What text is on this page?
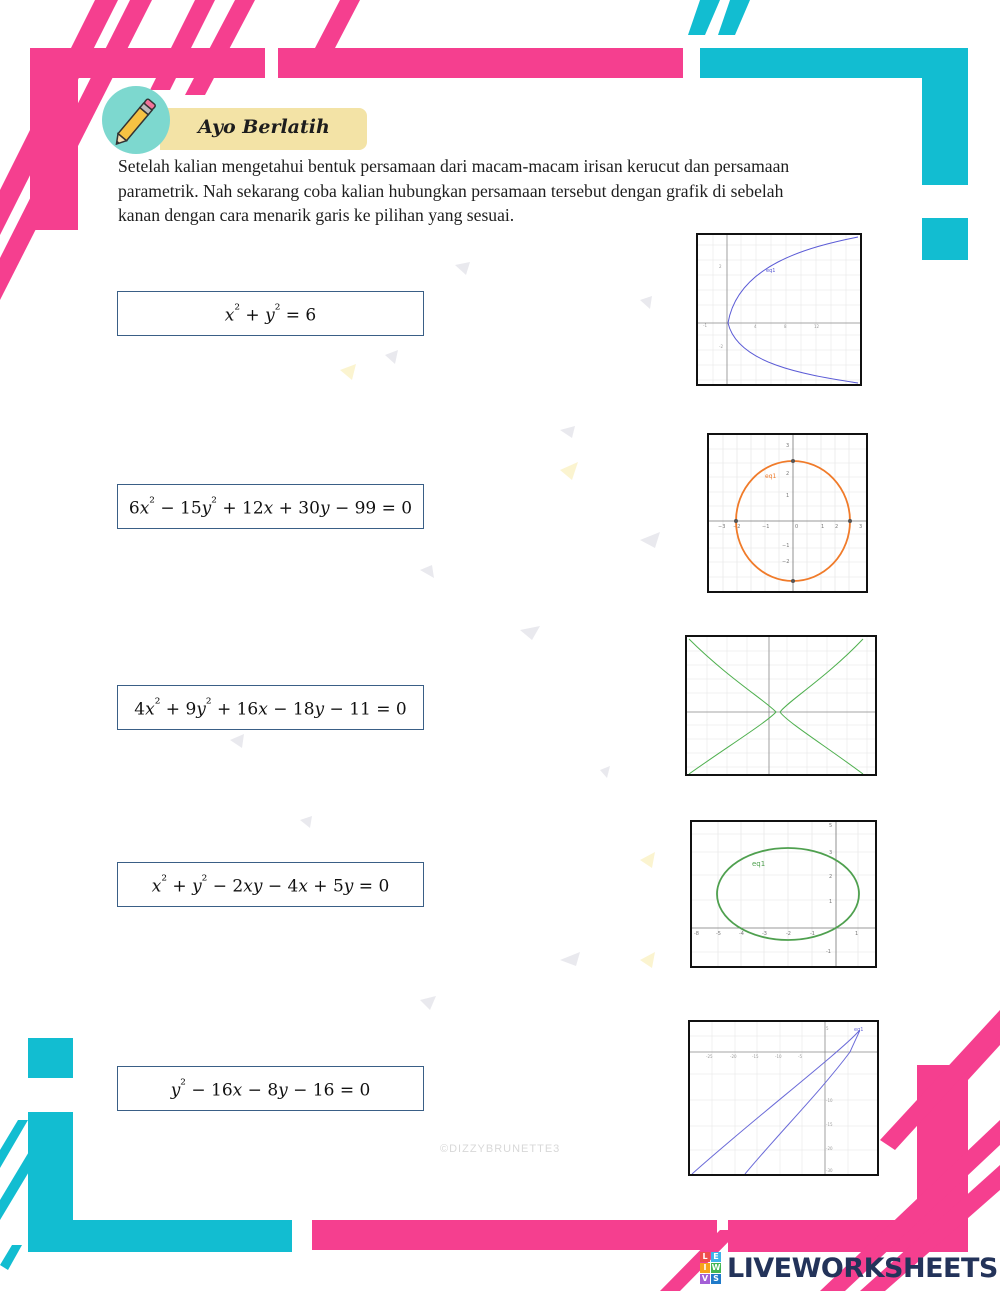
Ayo Berlatih

Setelah kalian mengetahui bentuk persamaan dari macam-macam irisan kerucut dan persamaan

parametrik. Nah sekarang coba kalian hubungkan persamaan tersebut dengan grafik di sebelah

kanan dengan cara menarik garis ke pilihan yang sesuai.

$x^{^2} + y^{^2} = 6$
$6x^{^2} - 15y^{^2} + 12x + 30y - 99 = 0$
$4x^{^2} + 9y^{^2} + 16x - 18y - 11 = 0$
$x^{^2} + y^{^2} - 2xy - 4x + 5y = 0$
$y^{^2} - 16x - 8y - 16 = 0$
2
-2
-1	4	8	12
eq1
−3 −2	−1	0	1 2	3
3
2
1
−1
−2
eq1
-8	-5	-4	-3	-2	-1	1
5
3
2
1
-1
eq1
-25	-20	-15	-10	-5
5
-10
-15
-20
-30
eq1
©DIZZYBRUNETTE3
L E
I W
V S LIVEWORKSHEETS
